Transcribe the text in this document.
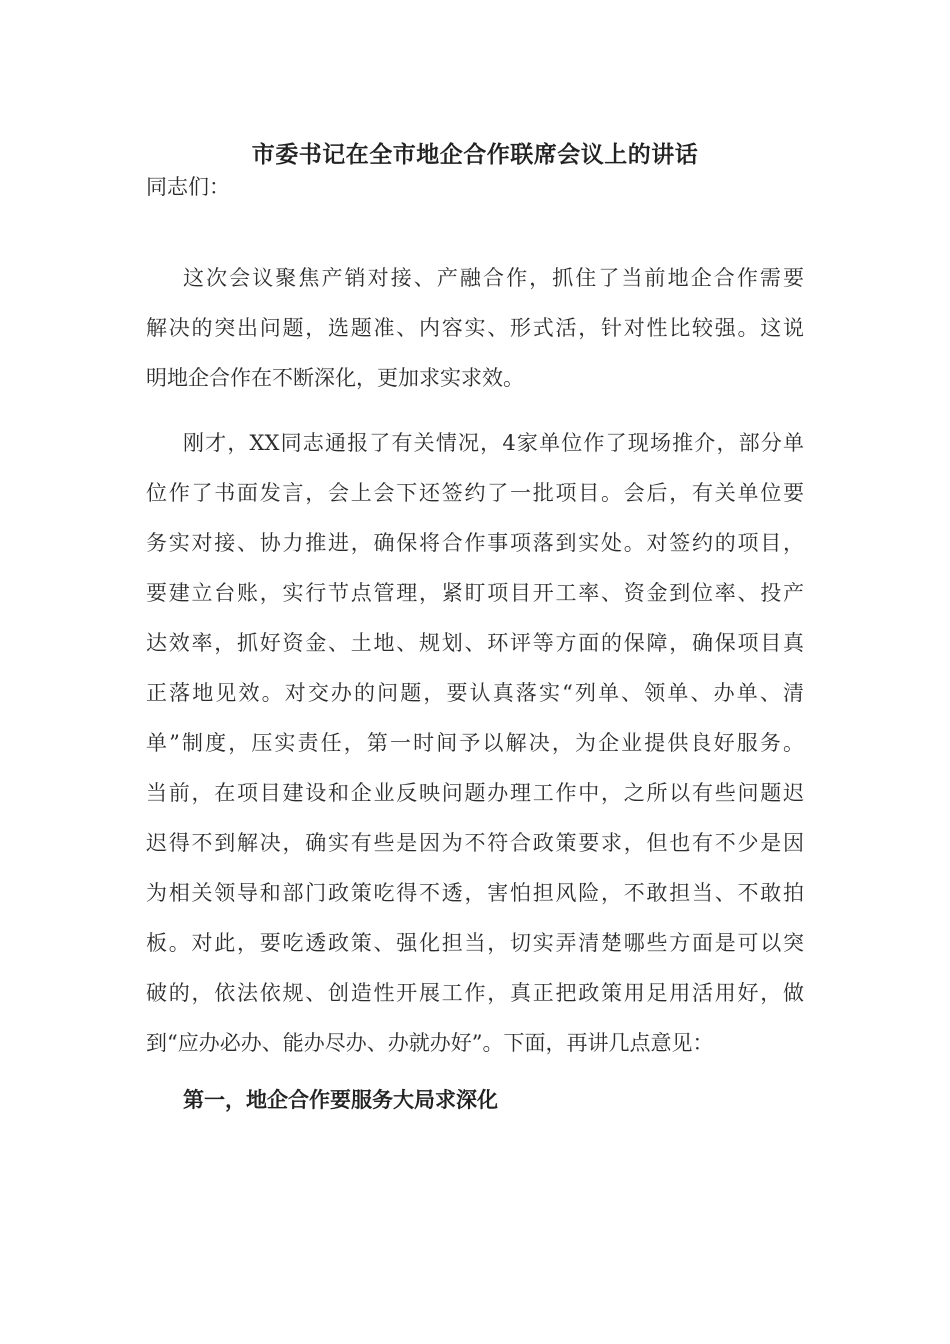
市委书记在全市地企合作联席会议上的讲话
同志们：
这次会议聚焦产销对接、产融合作，抓住了当前地企合作需要
解决的突出问题，选题准、内容实、形式活，针对性比较强。这说
明地企合作在不断深化，更加求实求效。
刚才，XX同志通报了有关情况，4家单位作了现场推介，部分单
位作了书面发言，会上会下还签约了一批项目。会后，有关单位要
务实对接、协力推进，确保将合作事项落到实处。对签约的项目，
要建立台账，实行节点管理，紧盯项目开工率、资金到位率、投产
达效率，抓好资金、土地、规划、环评等方面的保障，确保项目真
正落地见效。对交办的问题，要认真落实“列单、领单、办单、清
单”制度，压实责任，第一时间予以解决，为企业提供良好服务。
当前，在项目建设和企业反映问题办理工作中，之所以有些问题迟
迟得不到解决，确实有些是因为不符合政策要求，但也有不少是因
为相关领导和部门政策吃得不透，害怕担风险，不敢担当、不敢拍
板。对此，要吃透政策、强化担当，切实弄清楚哪些方面是可以突
破的，依法依规、创造性开展工作，真正把政策用足用活用好，做
到“应办必办、能办尽办、办就办好”。下面，再讲几点意见：
第一，地企合作要服务大局求深化
